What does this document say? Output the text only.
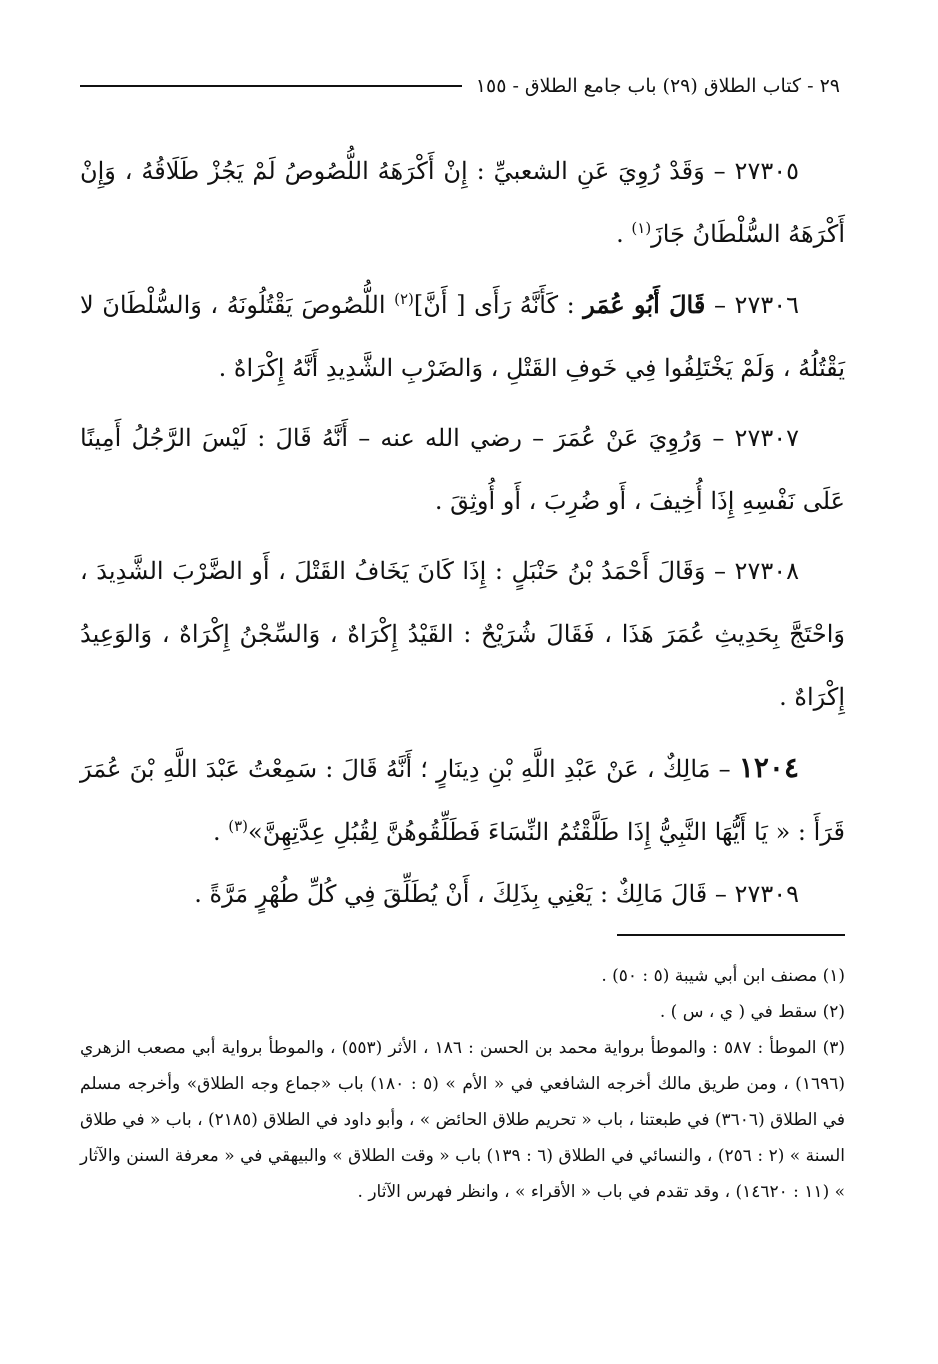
٢٩ - كتاب الطلاق (٢٩) باب جامع الطلاق - ١٥٥

٢٧٣٠٥ – وَقَدْ رُوِيَ عَنِ الشعبيِّ : إِنْ أَكْرَهَهُ اللُّصُوصُ لَمْ يَجُزْ طَلَاقُهُ ، وَإِنْ أَكْرَهَهُ السُّلْطَانُ جَازَ$^{(١)}$ .

٢٧٣٠٦ – قَالَ أَبُو عُمَر : كَأَنَّهُ رَأَى [ أَنَّ]$^{(٢)}$ اللُّصُوصَ يَقْتُلُونَهُ ، وَالسُّلْطَانَ لا يَقْتُلُهُ ، وَلَمْ يَخْتَلِفُوا فِي خَوفِ القَتْلِ ، وَالضَرْبِ الشَّدِيدِ أَنَّهُ إِكْرَاهٌ .

٢٧٣٠٧ – وَرُوِيَ عَنْ عُمَرَ – رضي الله عنه – أَنَّهُ قَالَ : لَيْسَ الرَّجُلُ أَمِينًا عَلَى نَفْسِهِ إِذَا أُخِيفَ ، أَو ضُرِبَ ، أَو أُوثِقَ .

٢٧٣٠٨ – وَقَالَ أَحْمَدُ بْنُ حَنْبَلٍ : إِذَا كَانَ يَخَافُ القَتْلَ ، أَو الضَّرْبَ الشَّدِيدَ ، وَاحْتَجَّ بِحَدِيثِ عُمَرَ هَذَا ، فَقَالَ شُرَيْحٌ : القَيْدُ إِكْرَاهٌ ، وَالسِّجْنُ إِكْرَاهٌ ، وَالوَعِيدُ إِكْرَاهٌ .

١٢٠٤ – مَالِكٌ ، عَنْ عَبْدِ اللَّهِ بْنِ دِينَارٍ ؛ أَنَّهُ قَالَ : سَمِعْتُ عَبْدَ اللَّهِ بْنَ عُمَرَ قَرَأَ : « يَا أَيُّهَا النَّبِيُّ إِذَا طَلَّقْتُمُ النِّسَاءَ فَطَلِّقُوهُنَّ لِقُبُلِ عِدَّتِهِنَّ»$^{(٣)}$ .

٢٧٣٠٩ – قَالَ مَالِكٌ : يَعْنِي بِذَلِكَ ، أَنْ يُطَلِّقَ فِي كُلِّ طُهْرٍ مَرَّةً .

(١) مصنف ابن أبي شيبة (٥ : ٥٠) .

(٢) سقط في ( ي ، س ) .

(٣) الموطأ : ٥٨٧ : والموطأ برواية محمد بن الحسن : ١٨٦ ، الأثر (٥٥٣) ، والموطأ برواية أبي مصعب الزهري (١٦٩٦) ، ومن طريق مالك أخرجه الشافعي في « الأم » (٥ : ١٨٠) باب «جماع وجه الطلاق» وأخرجه مسلم في الطلاق (٣٦٠٦) في طبعتنا ، باب « تحريم طلاق الحائض » ، وأبو داود في الطلاق (٢١٨٥) ، باب « في طلاق السنة » (٢ : ٢٥٦) ، والنسائي في الطلاق (٦ : ١٣٩) باب « وقت الطلاق » والبيهقي في « معرفة السنن والآثار » (١١ : ١٤٦٢٠) ، وقد تقدم في باب « الأقراء » ، وانظر فهرس الآثار .
